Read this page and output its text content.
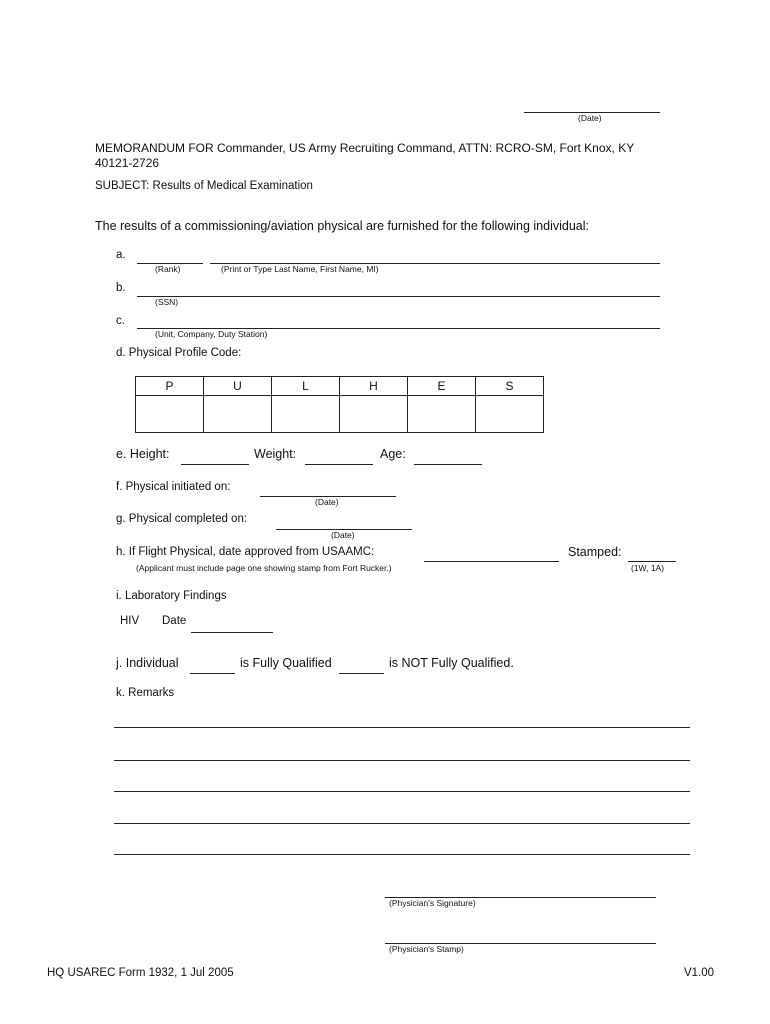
(Date)
MEMORANDUM FOR Commander, US Army Recruiting Command, ATTN: RCRO-SM, Fort Knox, KY
40121-2726
SUBJECT: Results of Medical Examination
The results of a commissioning/aviation physical are furnished for the following individual:
a.
(Rank)	(Print or Type Last Name, First Name, MI)
b.
(SSN)
c.
(Unit, Company, Duty Station)
d. Physical Profile Code:
P	U	L	H	E	S

e. Height:	Weight:	Age:
f. Physical initiated on:
(Date)
g. Physical completed on:
(Date)
h. If Flight Physical, date approved from USAAMC:	Stamped:
(Applicant must include page one showing stamp from Fort Rucker.)	(1W, 1A)
i. Laboratory Findings
HIV Date
j. Individual	is Fully Qualified	is NOT Fully Qualified.
k. Remarks
(Physician's Signature)
(Physician's Stamp)
HQ USAREC Form 1932, 1 Jul 2005	V1.00
